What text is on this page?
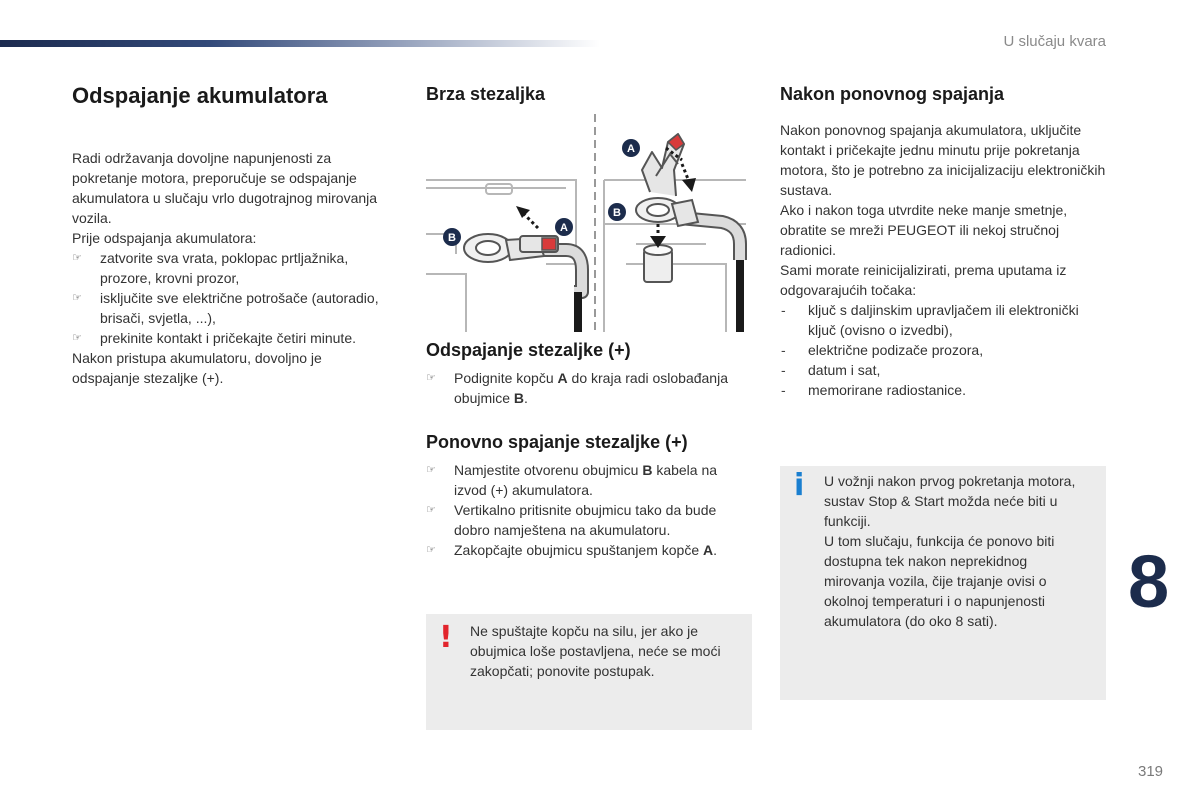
U slučaju kvara
8
319
Odspajanje akumulatora

Radi održavanja dovoljne napunjenosti za pokretanje motora, preporučuje se odspajanje akumulatora u slučaju vrlo dugotrajnog mirovanja vozila.

Prije odspajanja akumulatora:

☞	zatvorite sva vrata, poklopac prtljažnika, prozore, krovni prozor,
☞	isključite sve električne potrošače (autoradio, brisači, svjetla, ...),
☞	prekinite kontakt i pričekajte četiri minute.

Nakon pristupa akumulatoru, dovoljno je odspajanje stezaljke (+).

Brza stezaljka
B
A
A
B
Odspajanje stezaljke (+)
☞	Podignite kopču A do kraja radi oslobađanja obujmice B.
Ponovno spajanje stezaljke (+)
☞	Namjestite otvorenu obujmicu B kabela na izvod (+) akumulatora.
☞	Vertikalno pritisnite obujmicu tako da bude dobro namještena na akumulatoru.
☞	Zakopčajte obujmicu spuštanjem kopče A.
! Ne spuštajte kopču na silu, jer ako je obujmica loše postavljena, neće se moći zakopčati; ponovite postupak.
Nakon ponovnog spajanja

Nakon ponovnog spajanja akumulatora, uključite kontakt i pričekajte jednu minutu prije pokretanja motora, što je potrebno za inicijalizaciju elektroničkih sustava.

Ako i nakon toga utvrdite neke manje smetnje, obratite se mreži PEUGEOT ili nekoj stručnoj radionici.

Sami morate reinicijalizirati, prema uputama iz odgovarajućih točaka:

-	ključ s daljinskim upravljačem ili elektronički ključ (ovisno o izvedbi),
-	električne podizače prozora,
-	datum i sat,
-	memorirane radiostanice.
i U vožnji nakon prvog pokretanja motora, sustav Stop & Start možda neće biti u funkciji.
U tom slučaju, funkcija će ponovo biti dostupna tek nakon neprekidnog mirovanja vozila, čije trajanje ovisi o okolnoj temperaturi i o napunjenosti akumulatora (do oko 8 sati).
